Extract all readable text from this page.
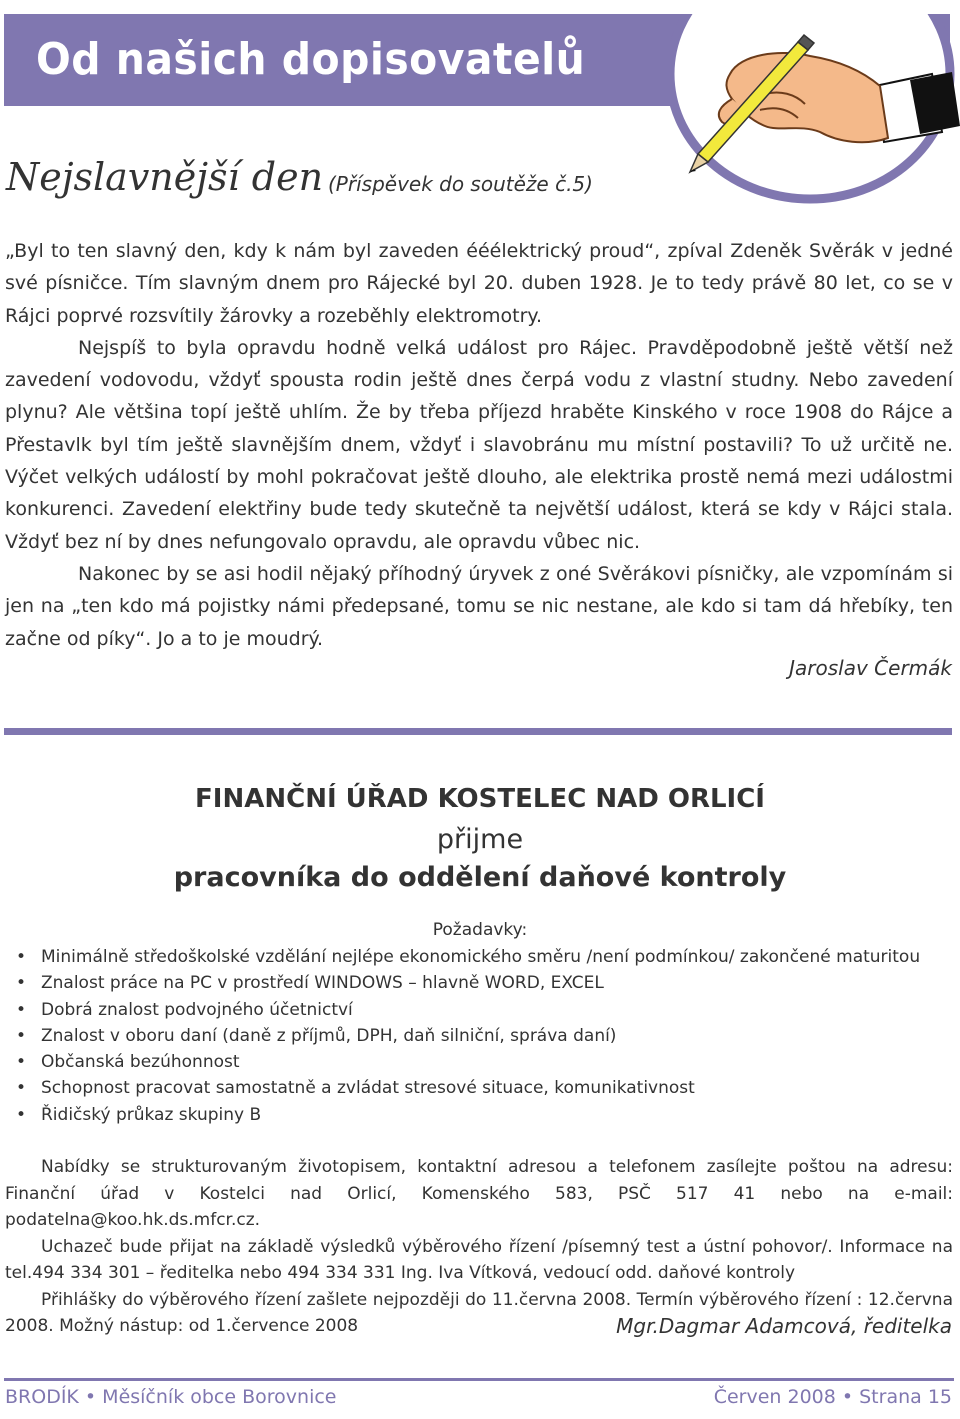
Od našich dopisovatelů
Nejslavnější den (Příspěvek do soutěže č.5)

„Byl to ten slavný den, kdy k nám byl zaveden ééélektrický proud“, zpíval Zdeněk Svěrák v jedné své písničce. Tím slavným dnem pro Rájecké byl 20. duben 1928. Je to tedy právě 80 let, co se v Rájci poprvé rozsvítily žárovky a rozeběhly elektromotry.

Nejspíš to byla opravdu hodně velká událost pro Rájec. Pravděpodobně ještě větší než zavedení vodovodu, vždyť spousta rodin ještě dnes čerpá vodu z vlastní studny. Nebo zavedení plynu? Ale většina topí ještě uhlím. Že by třeba příjezd hraběte Kinského v roce 1908 do Rájce a Přestavlk byl tím ještě slavnějším dnem, vždyť i slavobránu mu místní postavili? To už určitě ne. Výčet velkých událostí by mohl pokračovat ještě dlouho, ale elektrika prostě nemá mezi událostmi konkurenci. Zavedení elektřiny bude tedy skutečně ta největší událost, která se kdy v Rájci stala. Vždyť bez ní by dnes nefungovalo opravdu, ale opravdu vůbec nic.

Nakonec by se asi hodil nějaký příhodný úryvek z oné Svěrákovi písničky, ale vzpomínám si jen na „ten kdo má pojistky námi předepsané, tomu se nic nestane, ale kdo si tam dá hřebíky, ten začne od píky“. Jo a to je moudrý.

Jaroslav Čermák
FINANČNÍ ÚŘAD KOSTELEC NAD ORLICÍ
přijme
pracovníka do oddělení daňové kontroly
Požadavky:
• Minimálně středoškolské vzdělání nejlépe ekonomického směru /není podmínkou/ zakončené maturitou
• Znalost práce na PC v prostředí WINDOWS – hlavně WORD, EXCEL
• Dobrá znalost podvojného účetnictví
• Znalost v oboru daní (daně z příjmů, DPH, daň silniční, správa daní)
• Občanská bezúhonnost
• Schopnost pracovat samostatně a zvládat stresové situace, komunikativnost
• Řidičský průkaz skupiny B

Nabídky se strukturovaným životopisem, kontaktní adresou a telefonem zasílejte poštou na adresu: Finanční úřad v Kostelci nad Orlicí, Komenského 583, PSČ 517 41 nebo na e-mail: podatelna@koo.hk.ds.mfcr.cz.

Uchazeč bude přijat na základě výsledků výběrového řízení /písemný test a ústní pohovor/. Informace na tel.494 334 301 – ředitelka nebo 494 334 331 Ing. Iva Vítková, vedoucí odd. daňové kontroly

Přihlášky do výběrového řízení zašlete nejpozději do 11.června 2008. Termín výběrového řízení : 12.června 2008. Možný nástup: od 1.července 2008	Mgr.Dagmar Adamcová, ředitelka
BRODÍK • Měsíčník obce Borovnice	Červen 2008 • Strana 15
